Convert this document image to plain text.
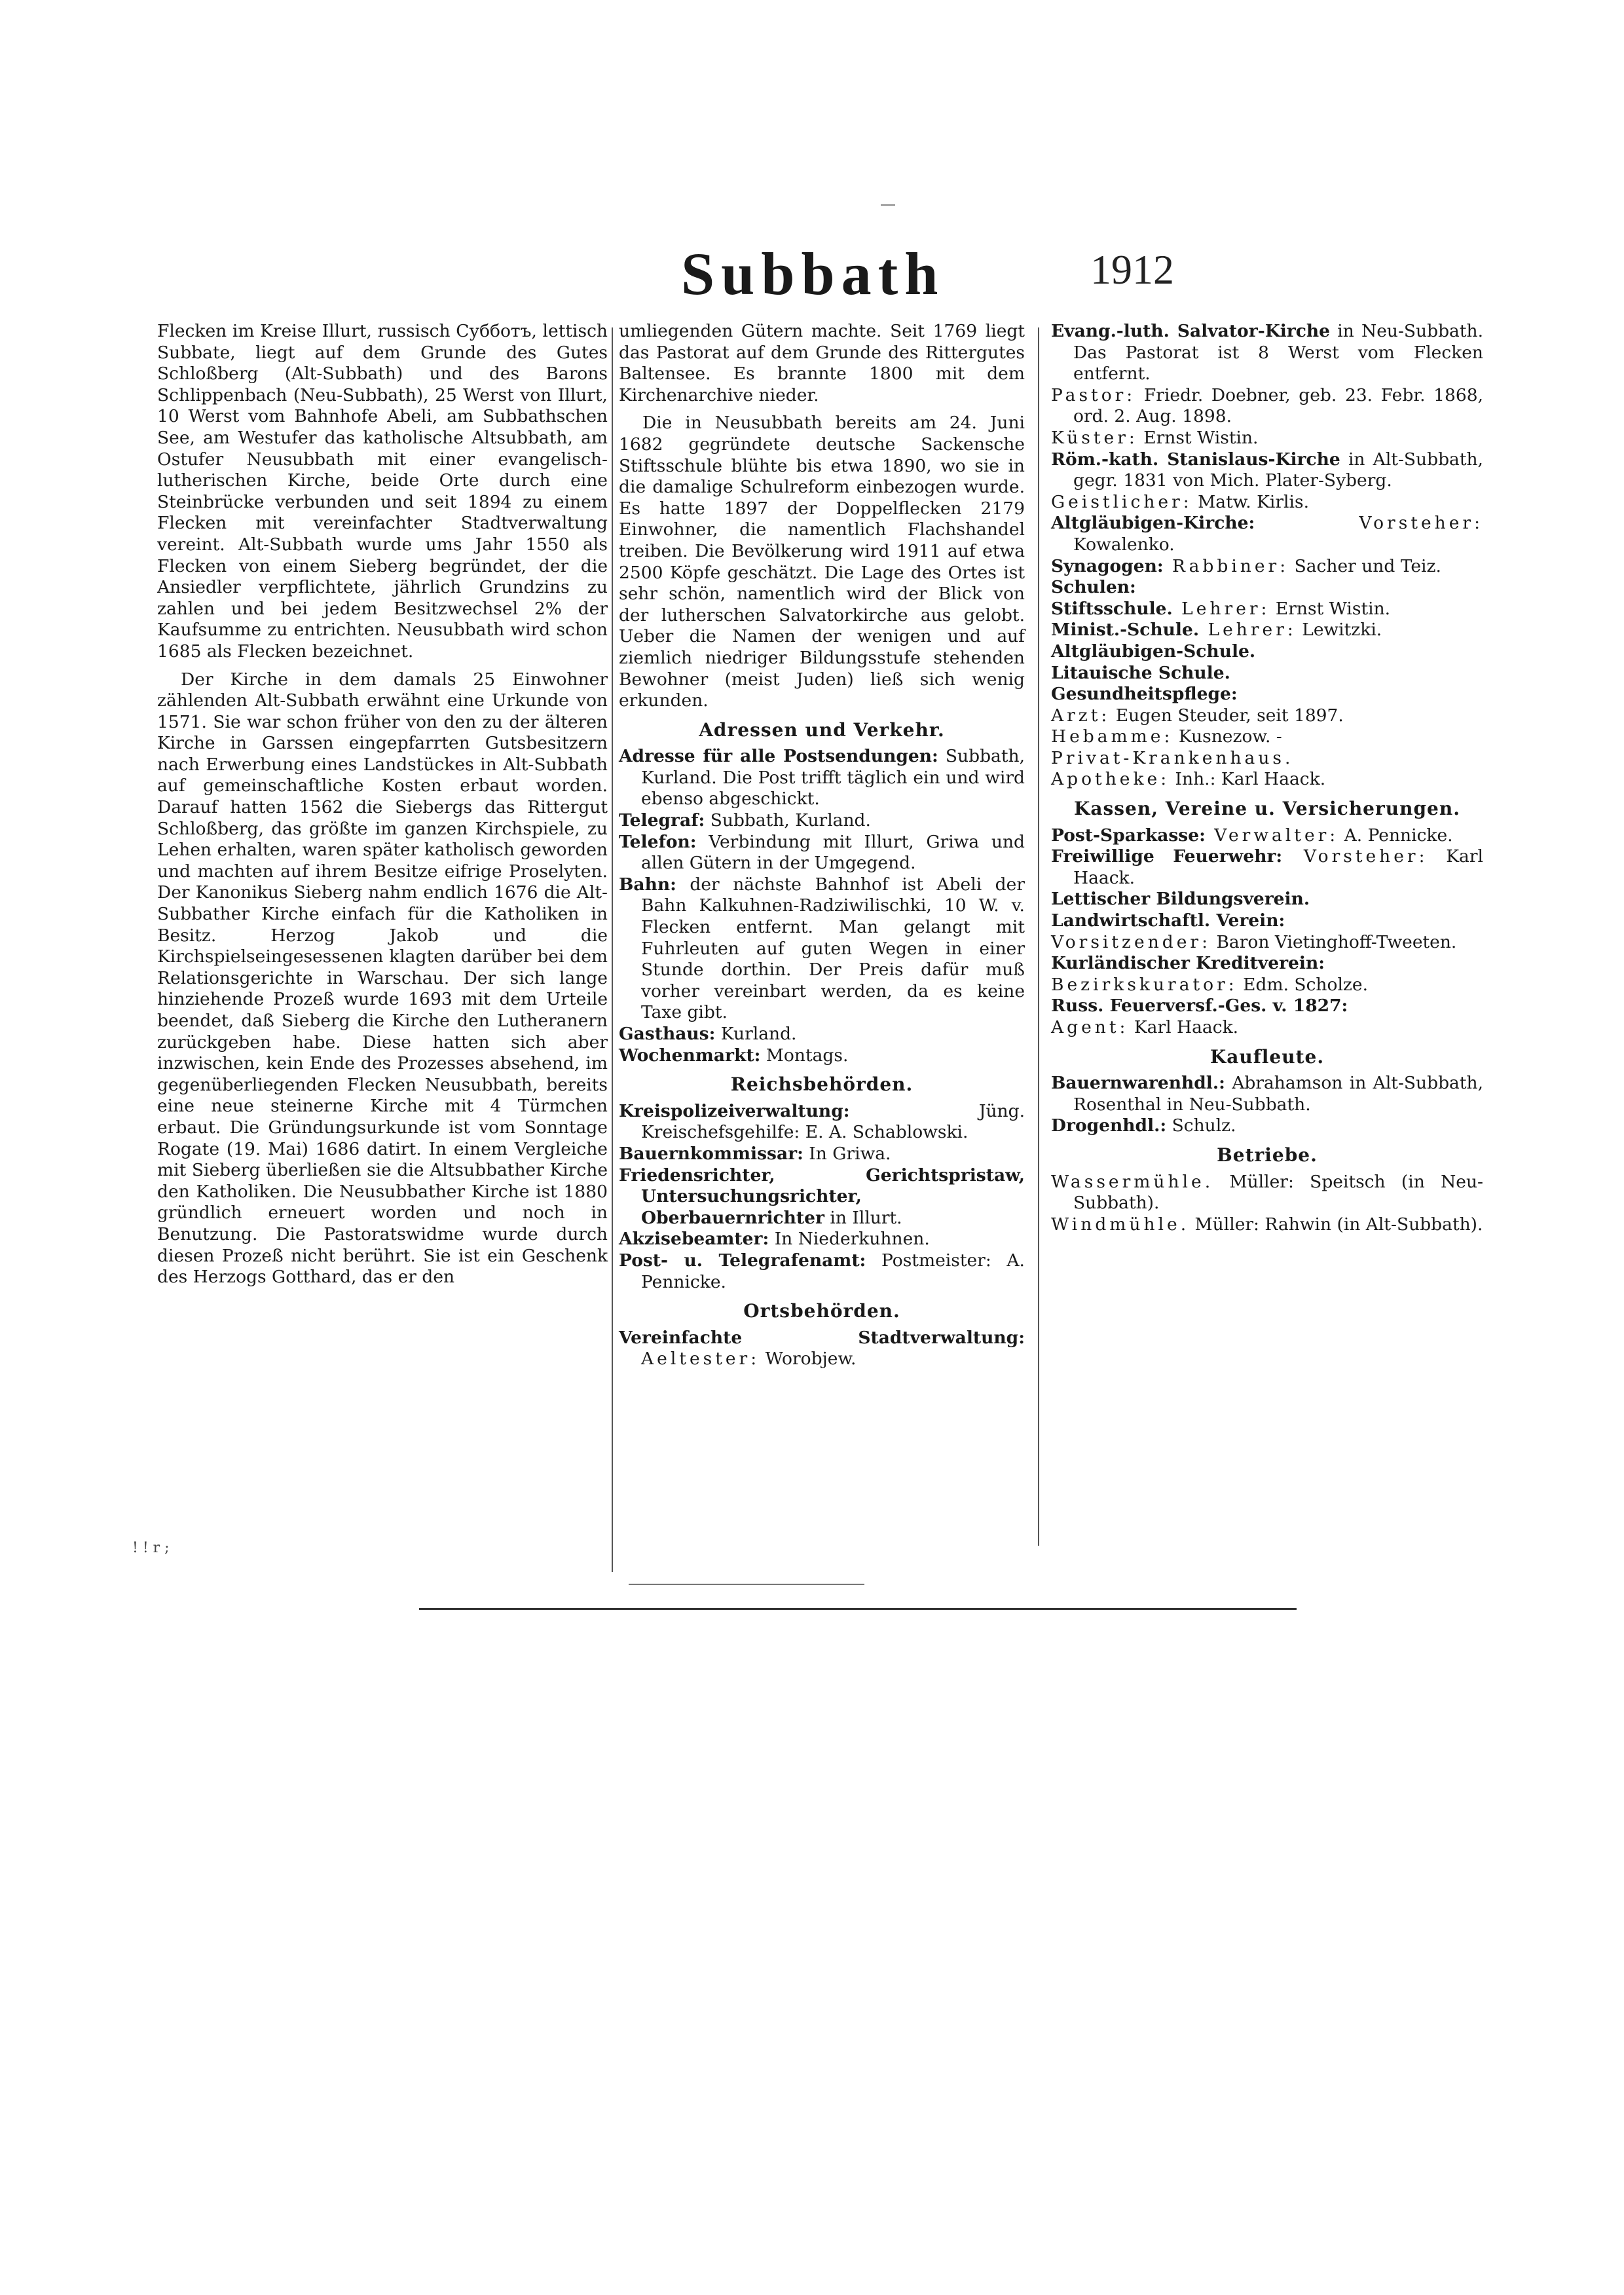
Subbath	1912

Flecken im Kreise Illurt, russisch Субботъ, lettisch Subbate, liegt auf dem Grunde des Gutes Schloßberg (Alt-Subbath) und des Barons Schlippenbach (Neu-Subbath), 25 Werst von Illurt, 10 Werst vom Bahnhofe Abeli, am Subbathschen See, am Westufer das katholische Altsubbath, am Ostufer Neusubbath mit einer evangelisch-lutherischen Kirche, beide Orte durch eine Steinbrücke verbunden und seit 1894 zu einem Flecken mit vereinfachter Stadtverwaltung vereint. Alt-Subbath wurde ums Jahr 1550 als Flecken von einem Sieberg begründet, der die Ansiedler verpflichtete, jährlich Grundzins zu zahlen und bei jedem Besitzwechsel 2% der Kaufsumme zu entrichten. Neusubbath wird schon 1685 als Flecken bezeichnet.

Der Kirche in dem damals 25 Einwohner zählenden Alt-Subbath erwähnt eine Urkunde von 1571. Sie war schon früher von den zu der älteren Kirche in Garssen eingepfarrten Gutsbesitzern nach Erwerbung eines Landstückes in Alt-Subbath auf gemeinschaftliche Kosten erbaut worden. Darauf hatten 1562 die Siebergs das Rittergut Schloßberg, das größte im ganzen Kirchspiele, zu Lehen erhalten, waren später katholisch geworden und machten auf ihrem Besitze eifrige Proselyten. Der Kanonikus Sieberg nahm endlich 1676 die Alt-Subbather Kirche einfach für die Katholiken in Besitz. Herzog Jakob und die Kirchspielseingesessenen klagten darüber bei dem Relationsgerichte in Warschau. Der sich lange hinziehende Prozeß wurde 1693 mit dem Urteile beendet, daß Sieberg die Kirche den Lutheranern zurückgeben habe. Diese hatten sich aber inzwischen, kein Ende des Prozesses absehend, im gegenüberliegenden Flecken Neusubbath, bereits eine neue steinerne Kirche mit 4 Türmchen erbaut. Die Gründungsurkunde ist vom Sonntage Rogate (19. Mai) 1686 datirt. In einem Vergleiche mit Sieberg überließen sie die Altsubbather Kirche den Katholiken. Die Neusubbather Kirche ist 1880 gründlich erneuert worden und noch in Benutzung. Die Pastoratswidme wurde durch diesen Prozeß nicht berührt. Sie ist ein Geschenk des Herzogs Gotthard, das er den

umliegenden Gütern machte. Seit 1769 liegt das Pastorat auf dem Grunde des Rittergutes Baltensee. Es brannte 1800 mit dem Kirchenarchive nieder.

Die in Neusubbath bereits am 24. Juni 1682 gegründete deutsche Sackensche Stiftsschule blühte bis etwa 1890, wo sie in die damalige Schulreform einbezogen wurde. Es hatte 1897 der Doppelflecken 2179 Einwohner, die namentlich Flachshandel treiben. Die Bevölkerung wird 1911 auf etwa 2500 Köpfe geschätzt. Die Lage des Ortes ist sehr schön, namentlich wird der Blick von der lutherschen Salvatorkirche aus gelobt. Ueber die Namen der wenigen und auf ziemlich niedriger Bildungsstufe stehenden Bewohner (meist Juden) ließ sich wenig erkunden.

Adressen und Verkehr.

Adresse für alle Postsendungen: Subbath, Kurland. Die Post trifft täglich ein und wird ebenso abgeschickt.

Telegraf: Subbath, Kurland.

Telefon: Verbindung mit Illurt, Griwa und allen Gütern in der Umgegend.

Bahn: der nächste Bahnhof ist Abeli der Bahn Kalkuhnen-Radziwilischki, 10 W. v. Flecken entfernt. Man gelangt mit Fuhrleuten auf guten Wegen in einer Stunde dorthin. Der Preis dafür muß vorher vereinbart werden, da es keine Taxe gibt.

Gasthaus: Kurland.

Wochenmarkt: Montags.

Reichsbehörden.

Kreispolizeiverwaltung: Jüng. Kreischefsgehilfe: E. A. Schablowski.

Bauernkommissar: In Griwa.

Friedensrichter, Gerichtspristaw, Untersuchungsrichter, Oberbauernrichter in Illurt.

Akzisebeamter: In Niederkuhnen.

Post- u. Telegrafenamt: Postmeister: A. Pennicke.

Ortsbehörden.

Vereinfachte Stadtverwaltung: Aeltester: Worobjew.

Evang.-luth. Salvator-Kirche in Neu-Subbath. Das Pastorat ist 8 Werst vom Flecken entfernt.

Pastor: Friedr. Doebner, geb. 23. Febr. 1868, ord. 2. Aug. 1898.

Küster: Ernst Wistin.

Röm.-kath. Stanislaus-Kirche in Alt-Subbath, gegr. 1831 von Mich. Plater-Syberg.

Geistlicher: Matw. Kirlis.

Altgläubigen-Kirche: Vorsteher: Kowalenko.

Synagogen: Rabbiner: Sacher und Teiz.

Schulen:

Stiftsschule. Lehrer: Ernst Wistin.

Minist.-Schule. Lehrer: Lewitzki.

Altgläubigen-Schule.

Litauische Schule.

Gesundheitspflege:

Arzt: Eugen Steuder, seit 1897.

Hebamme: Kusnezow. -

Privat-Krankenhaus.

Apotheke: Inh.: Karl Haack.

Kassen, Vereine u. Versicherungen.

Post-Sparkasse: Verwalter: A. Pennicke.

Freiwillige Feuerwehr: Vorsteher: Karl Haack.

Lettischer Bildungsverein.

Landwirtschaftl. Verein:

Vorsitzender: Baron Vietinghoff-Tweeten.

Kurländischer Kreditverein:

Bezirkskurator: Edm. Scholze.

Russ. Feuerversf.-Ges. v. 1827:

Agent: Karl Haack.

Kaufleute.

Bauernwarenhdl.: Abrahamson in Alt-Subbath, Rosenthal in Neu-Subbath.

Drogenhdl.: Schulz.

Betriebe.

Wassermühle. Müller: Speitsch (in Neu-Subbath).

Windmühle. Müller: Rahwin (in Alt-Subbath).

! ! r ;
